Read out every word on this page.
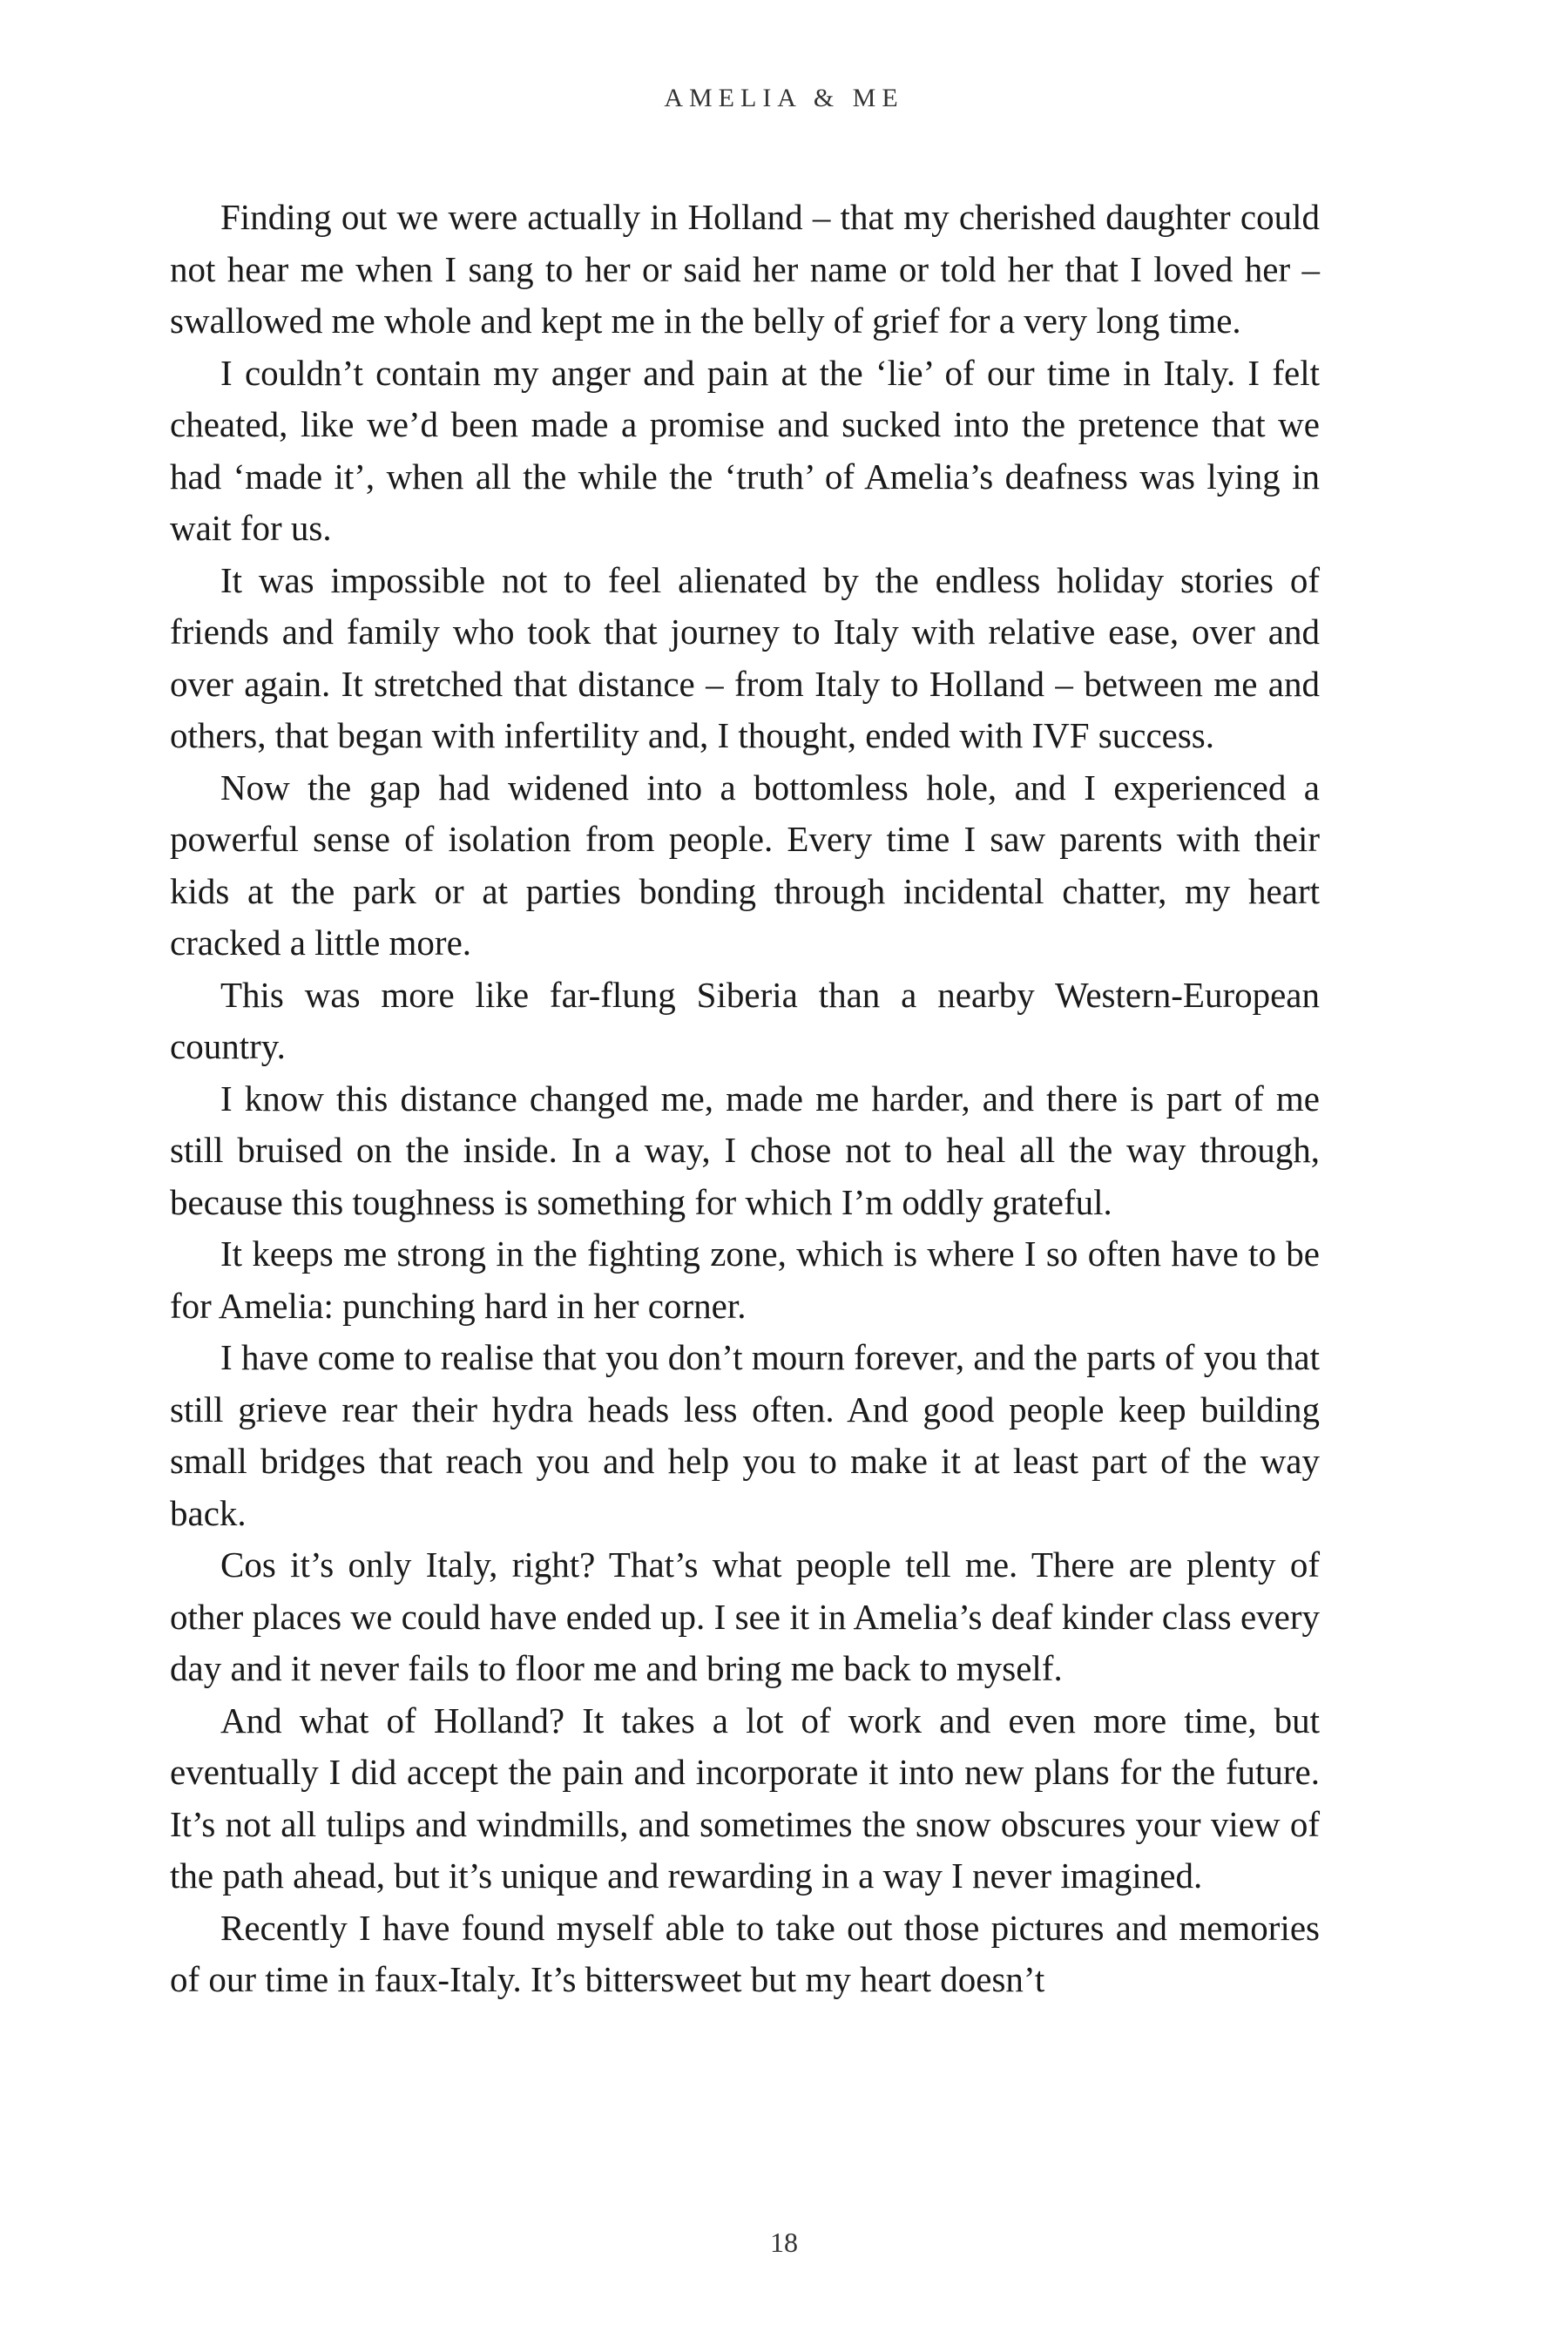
AMELIA & ME

Finding out we were actually in Holland – that my cherished daughter could not hear me when I sang to her or said her name or told her that I loved her – swallowed me whole and kept me in the belly of grief for a very long time.

I couldn’t contain my anger and pain at the ‘lie’ of our time in Italy. I felt cheated, like we’d been made a promise and sucked into the pretence that we had ‘made it’, when all the while the ‘truth’ of Amelia’s deafness was lying in wait for us.

It was impossible not to feel alienated by the endless holiday stories of friends and family who took that journey to Italy with relative ease, over and over again. It stretched that distance – from Italy to Holland – between me and others, that began with infertility and, I thought, ended with IVF success.

Now the gap had widened into a bottomless hole, and I experienced a powerful sense of isolation from people. Every time I saw parents with their kids at the park or at parties bonding through incidental chatter, my heart cracked a little more.

This was more like far-flung Siberia than a nearby Western-European country.

I know this distance changed me, made me harder, and there is part of me still bruised on the inside. In a way, I chose not to heal all the way through, because this toughness is something for which I’m oddly grateful.

It keeps me strong in the fighting zone, which is where I so often have to be for Amelia: punching hard in her corner.

I have come to realise that you don’t mourn forever, and the parts of you that still grieve rear their hydra heads less often. And good people keep building small bridges that reach you and help you to make it at least part of the way back.

Cos it’s only Italy, right? That’s what people tell me. There are plenty of other places we could have ended up. I see it in Amelia’s deaf kinder class every day and it never fails to floor me and bring me back to myself.

And what of Holland? It takes a lot of work and even more time, but eventually I did accept the pain and incorporate it into new plans for the future. It’s not all tulips and windmills, and sometimes the snow obscures your view of the path ahead, but it’s unique and rewarding in a way I never imagined.

Recently I have found myself able to take out those pictures and memories of our time in faux-Italy. It’s bittersweet but my heart doesn’t

18
